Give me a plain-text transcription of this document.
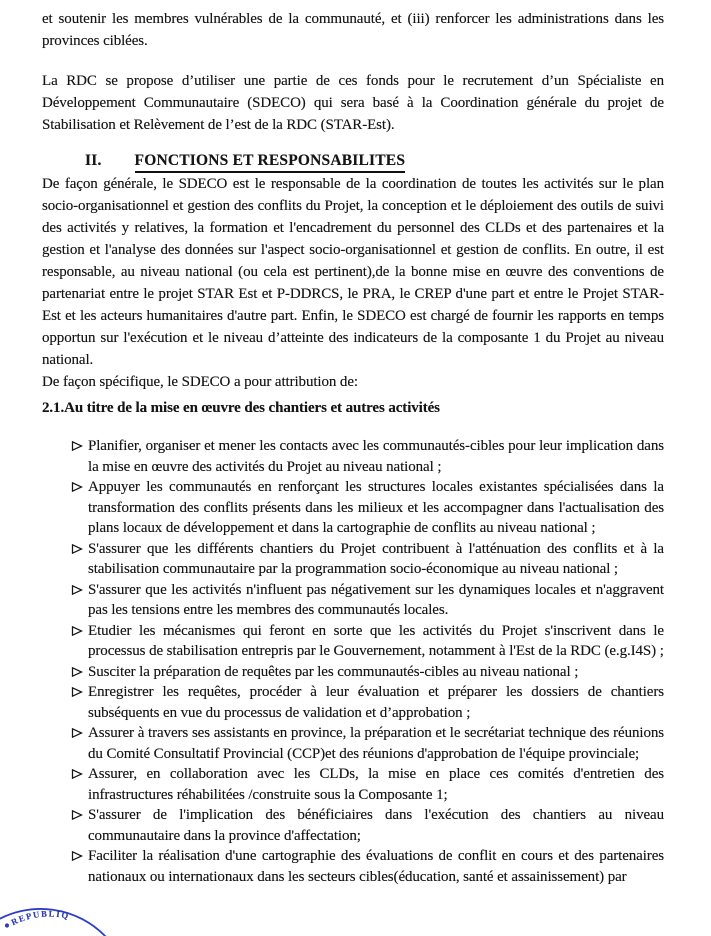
et soutenir les membres vulnérables de la communauté, et (iii) renforcer les administrations dans les provinces ciblées.

La RDC se propose d’utiliser une partie de ces fonds pour le recrutement d’un Spécialiste en Développement Communautaire (SDECO) qui sera basé à la Coordination générale du projet de Stabilisation et Relèvement de l’est de la RDC (STAR-Est).

II. FONCTIONS ET RESPONSABILITES

De façon générale, le SDECO est le responsable de la coordination de toutes les activités sur le plan socio-organisationnel et gestion des conflits du Projet, la conception et le déploiement des outils de suivi des activités y relatives, la formation et l'encadrement du personnel des CLDs et des partenaires et la gestion et l'analyse des données sur l'aspect socio-organisationnel et gestion de conflits. En outre, il est responsable, au niveau national (ou cela est pertinent),de la bonne mise en œuvre des conventions de partenariat entre le projet STAR Est et P-DDRCS, le PRA, le CREP d'une part et entre le Projet STAR-Est et les acteurs humanitaires d'autre part. Enfin, le SDECO est chargé de fournir les rapports en temps opportun sur l'exécution et le niveau d’atteinte des indicateurs de la composante 1 du Projet au niveau national.

De façon spécifique, le SDECO a pour attribution de:

2.1.Au titre de la mise en œuvre des chantiers et autres activités
Planifier, organiser et mener les contacts avec les communautés-cibles pour leur implication dans la mise en œuvre des activités du Projet au niveau national ;
Appuyer les communautés en renforçant les structures locales existantes spécialisées dans la transformation des conflits présents dans les milieux et les accompagner dans l'actualisation des plans locaux de développement et dans la cartographie de conflits au niveau national ;
S'assurer que les différents chantiers du Projet contribuent à l'atténuation des conflits et à la stabilisation communautaire par la programmation socio-économique au niveau national ;
S'assurer que les activités n'influent pas négativement sur les dynamiques locales et n'aggravent pas les tensions entre les membres des communautés locales.
Etudier les mécanismes qui feront en sorte que les activités du Projet s'inscrivent dans le processus de stabilisation entrepris par le Gouvernement, notamment à l'Est de la RDC (e.g.I4S) ;
Susciter la préparation de requêtes par les communautés-cibles au niveau national ;
Enregistrer les requêtes, procéder à leur évaluation et préparer les dossiers de chantiers subséquents en vue du processus de validation et d’approbation ;
Assurer à travers ses assistants en province, la préparation et le secrétariat technique des réunions du Comité Consultatif Provincial (CCP)et des réunions d'approbation de l'équipe provinciale;
Assurer, en collaboration avec les CLDs, la mise en place ces comités d'entretien des infrastructures réhabilitées /construite sous la Composante 1;
S'assurer de l'implication des bénéficiaires dans l'exécution des chantiers au niveau communautaire dans la province d'affectation;
Faciliter la réalisation d'une cartographie des évaluations de conflit en cours et des partenaires nationaux ou internationaux dans les secteurs cibles(éducation, santé et assainissement) par
REPUBLIQ
